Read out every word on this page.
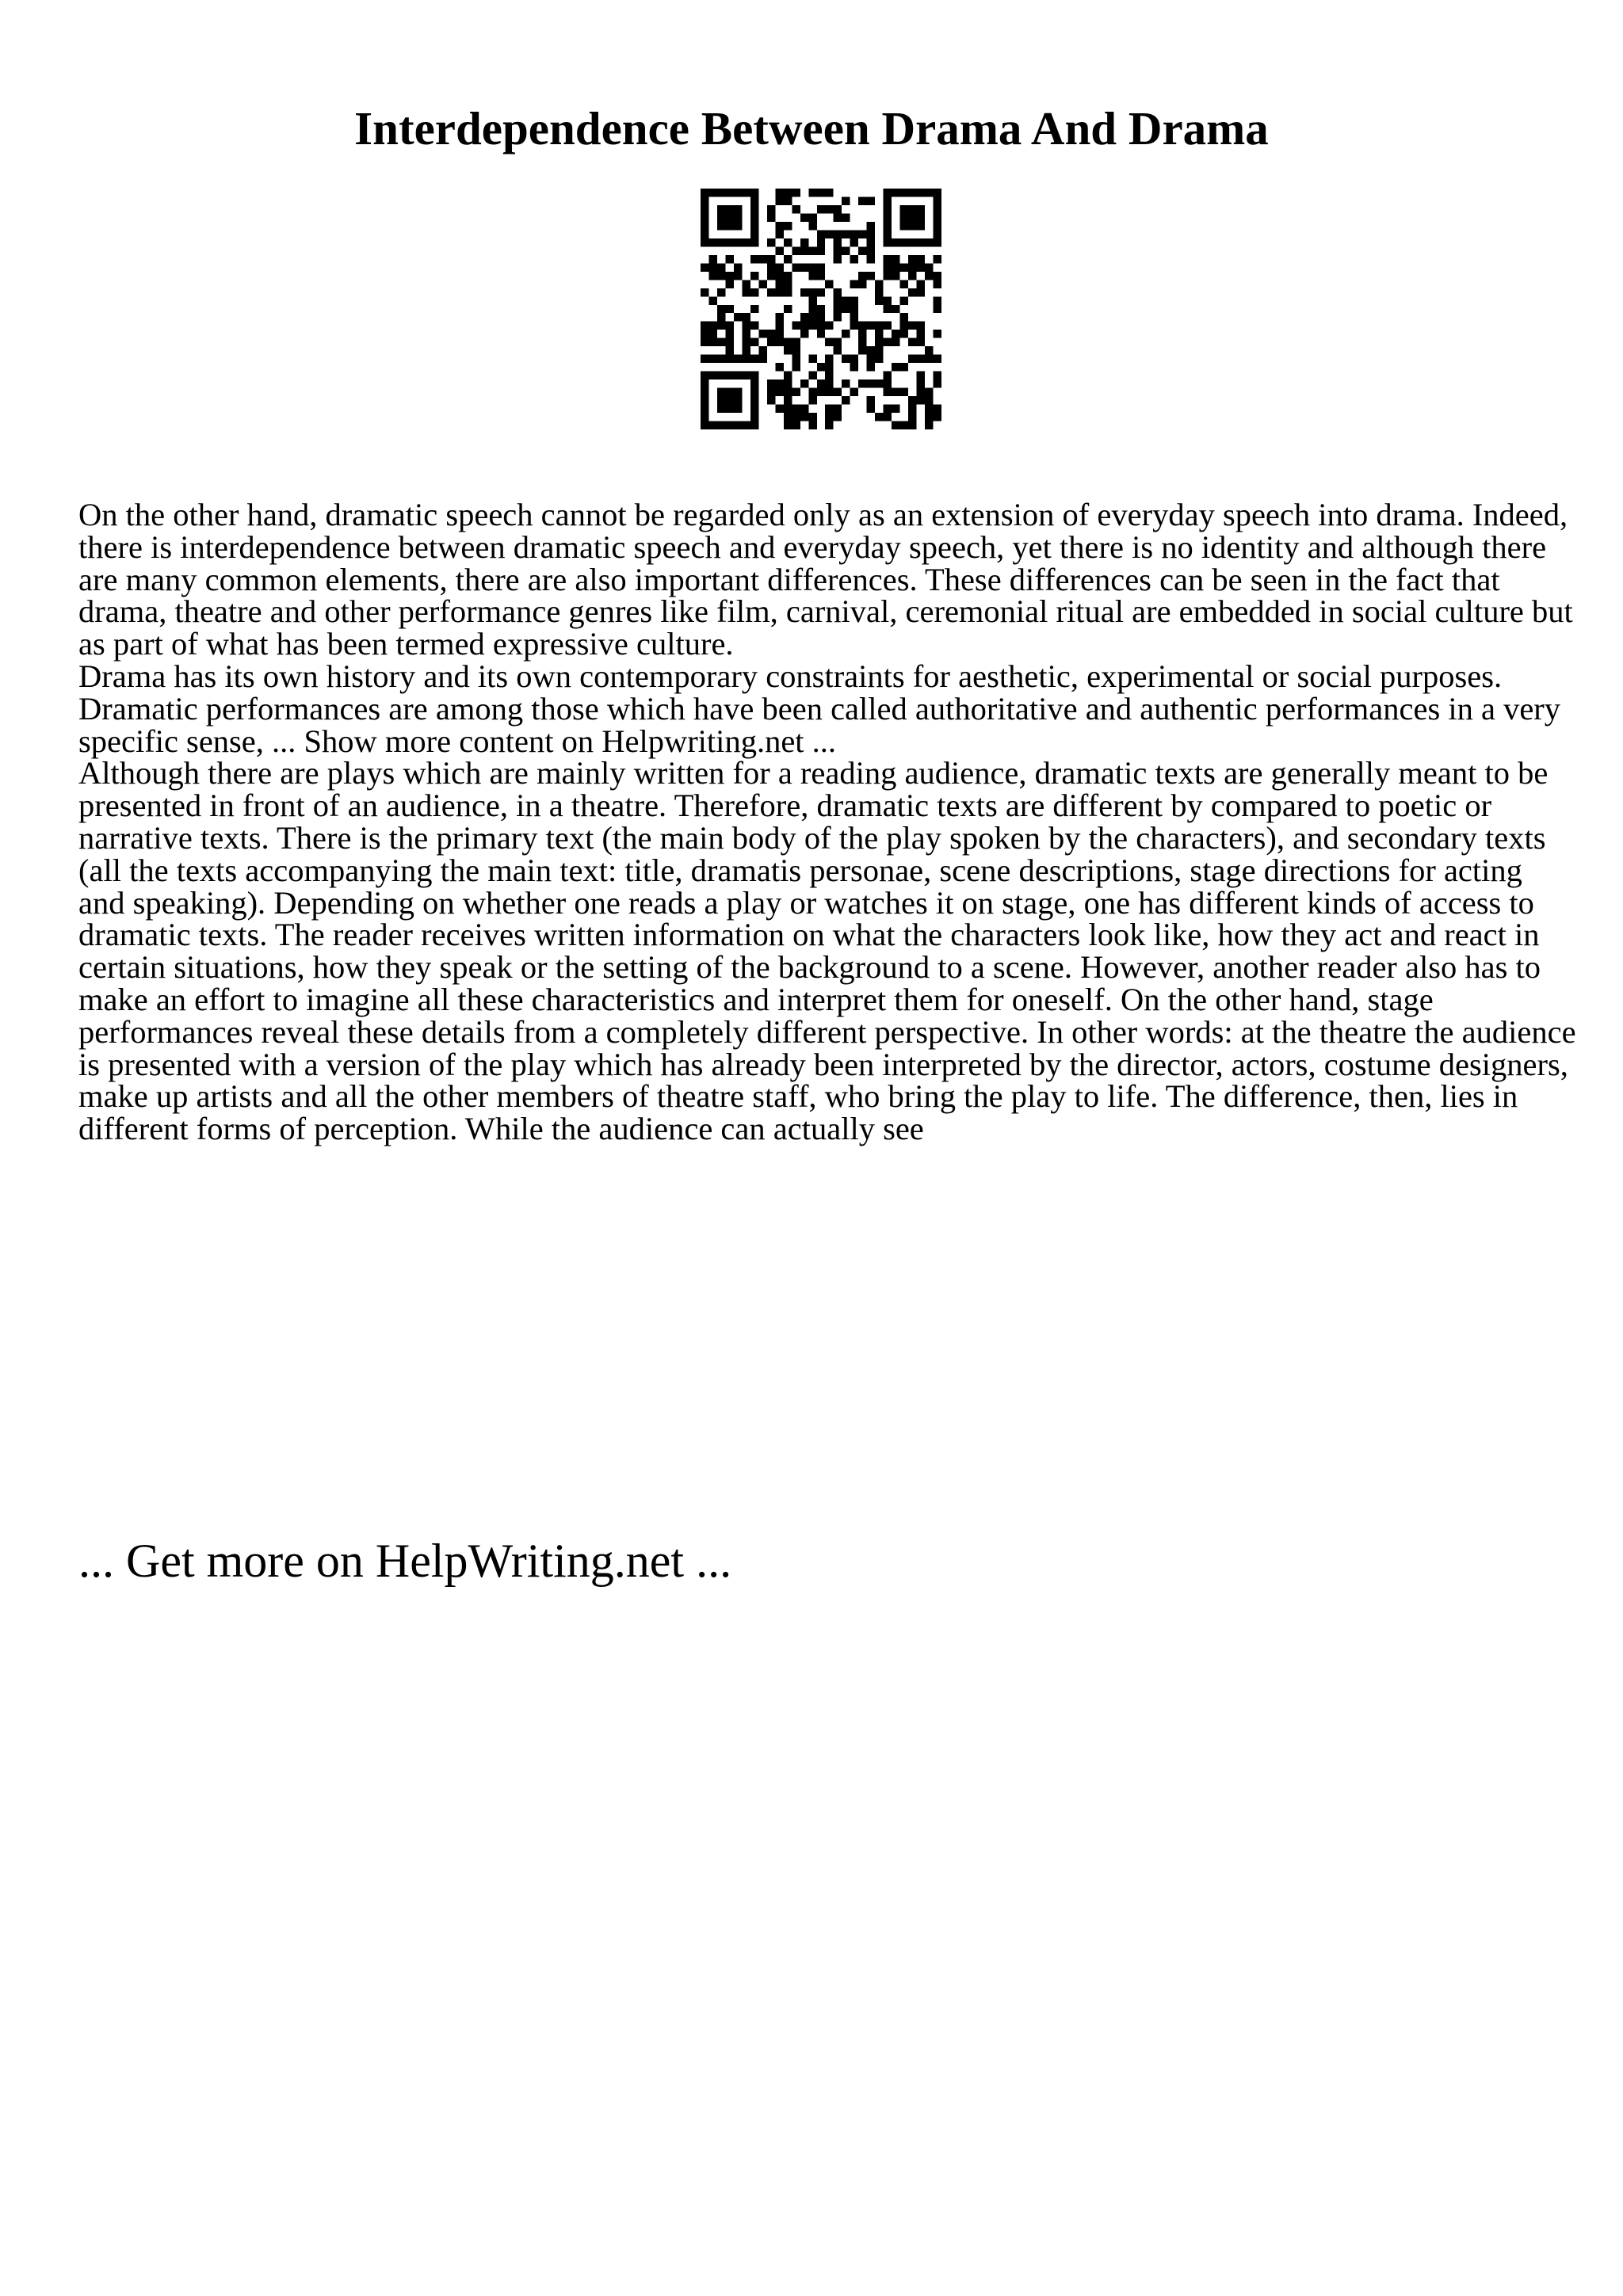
Interdependence Between Drama And Drama

On the other hand, dramatic speech cannot be regarded only as an extension of everyday speech into drama. Indeed, there is interdependence between dramatic speech and everyday speech, yet there is no identity and although there are many common elements, there are also important differences. These differences can be seen in the fact that drama, theatre and other performance genres like film, carnival, ceremonial ritual are embedded in social culture but as part of what has been termed expressive culture.

Drama has its own history and its own contemporary constraints for aesthetic, experimental or social purposes. Dramatic performances are among those which have been called authoritative and authentic performances in a very specific sense, ... Show more content on Helpwriting.net ...

Although there are plays which are mainly written for a reading audience, dramatic texts are generally meant to be presented in front of an audience, in a theatre. Therefore, dramatic texts are different by compared to poetic or narrative texts. There is the primary text (the main body of the play spoken by the characters), and secondary texts (all the texts accompanying the main text: title, dramatis personae, scene descriptions, stage directions for acting and speaking). Depending on whether one reads a play or watches it on stage, one has different kinds of access to dramatic texts. The reader receives written information on what the characters look like, how they act and react in certain situations, how they speak or the setting of the background to a scene. However, another reader also has to make an effort to imagine all these characteristics and interpret them for oneself. On the other hand, stage performances reveal these details from a completely different perspective. In other words: at the theatre the audience is presented with a version of the play which has already been interpreted by the director, actors, costume designers, make up artists and all the other members of theatre staff, who bring the play to life. The difference, then, lies in different forms of perception. While the audience can actually see

... Get more on HelpWriting.net ...
